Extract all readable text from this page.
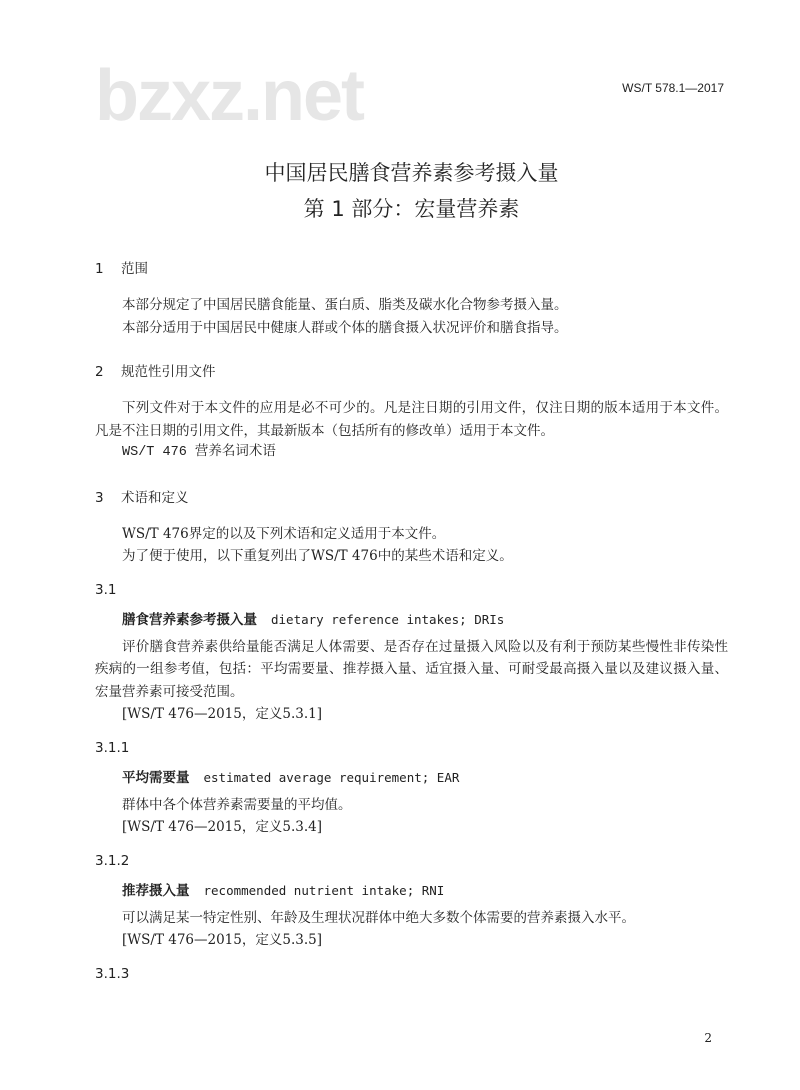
WS/T 578.1—2017
bzxz.net
中国居民膳食营养素参考摄入量
第 1 部分：宏量营养素
1 范围
本部分规定了中国居民膳食能量、蛋白质、脂类及碳水化合物参考摄入量。
本部分适用于中国居民中健康人群或个体的膳食摄入状况评价和膳食指导。
2 规范性引用文件
下列文件对于本文件的应用是必不可少的。凡是注日期的引用文件，仅注日期的版本适用于本文件。凡是不注日期的引用文件，其最新版本（包括所有的修改单）适用于本文件。
WS/T 476 营养名词术语
3 术语和定义
WS/T 476界定的以及下列术语和定义适用于本文件。
为了便于使用，以下重复列出了WS/T 476中的某些术语和定义。
3.1
膳食营养素参考摄入量 dietary reference intakes; DRIs
评价膳食营养素供给量能否满足人体需要、是否存在过量摄入风险以及有利于预防某些慢性非传染性疾病的一组参考值，包括：平均需要量、推荐摄入量、适宜摄入量、可耐受最高摄入量以及建议摄入量、宏量营养素可接受范围。
[WS/T 476—2015，定义5.3.1]
3.1.1
平均需要量 estimated average requirement; EAR
群体中各个体营养素需要量的平均值。
[WS/T 476—2015，定义5.3.4]
3.1.2
推荐摄入量 recommended nutrient intake; RNI
可以满足某一特定性别、年龄及生理状况群体中绝大多数个体需要的营养素摄入水平。
[WS/T 476—2015，定义5.3.5]
3.1.3
2
